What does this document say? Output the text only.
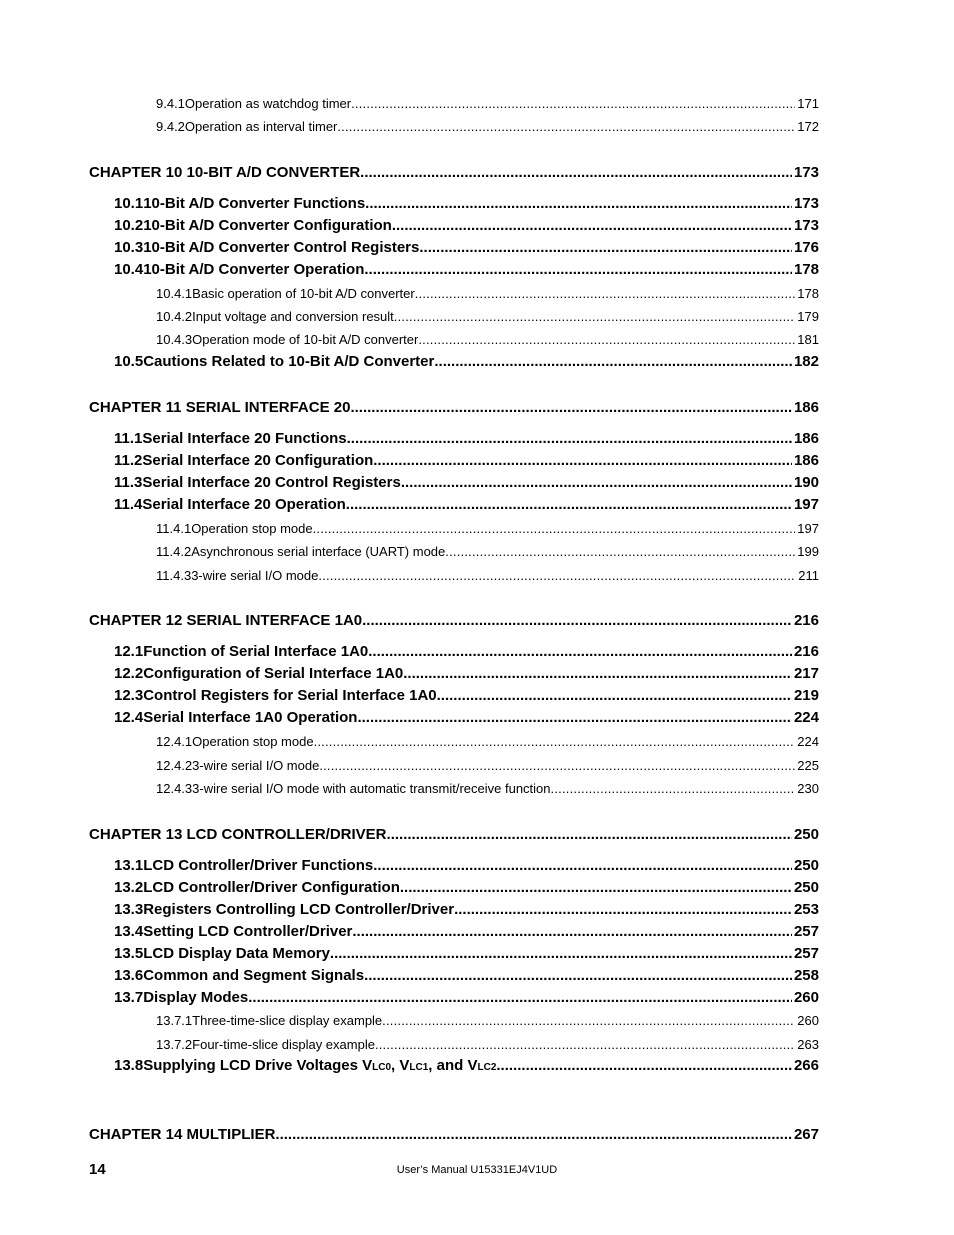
9.4.1 Operation as watchdog timer .....	171
9.4.2 Operation as interval timer .....	172
CHAPTER 10 10-BIT A/D CONVERTER .....	173
10.1 10-Bit A/D Converter Functions .....	173
10.2 10-Bit A/D Converter Configuration .....	173
10.3 10-Bit A/D Converter Control Registers .....	176
10.4 10-Bit A/D Converter Operation .....	178
10.4.1 Basic operation of 10-bit A/D converter .....	178
10.4.2 Input voltage and conversion result .....	179
10.4.3 Operation mode of 10-bit A/D converter .....	181
10.5 Cautions Related to 10-Bit A/D Converter .....	182
CHAPTER 11 SERIAL INTERFACE 20 .....	186
11.1 Serial Interface 20 Functions .....	186
11.2 Serial Interface 20 Configuration .....	186
11.3 Serial Interface 20 Control Registers .....	190
11.4 Serial Interface 20 Operation .....	197
11.4.1 Operation stop mode .....	197
11.4.2 Asynchronous serial interface (UART) mode .....	199
11.4.3 3-wire serial I/O mode .....	211
CHAPTER 12 SERIAL INTERFACE 1A0 .....	216
12.1 Function of Serial Interface 1A0 .....	216
12.2 Configuration of Serial Interface 1A0 .....	217
12.3 Control Registers for Serial Interface 1A0 .....	219
12.4 Serial Interface 1A0 Operation .....	224
12.4.1 Operation stop mode .....	224
12.4.2 3-wire serial I/O mode .....	225
12.4.3 3-wire serial I/O mode with automatic transmit/receive function .....	230
CHAPTER 13 LCD CONTROLLER/DRIVER .....	250
13.1 LCD Controller/Driver Functions .....	250
13.2 LCD Controller/Driver Configuration .....	250
13.3 Registers Controlling LCD Controller/Driver .....	253
13.4 Setting LCD Controller/Driver .....	257
13.5 LCD Display Data Memory .....	257
13.6 Common and Segment Signals .....	258
13.7 Display Modes .....	260
13.7.1 Three-time-slice display example .....	260
13.7.2 Four-time-slice display example .....	263
13.8 Supplying LCD Drive Voltages VLC0, VLC1, and VLC2 .....	266
CHAPTER 14 MULTIPLIER .....	267
14	User’s Manual U15331EJ4V1UD
